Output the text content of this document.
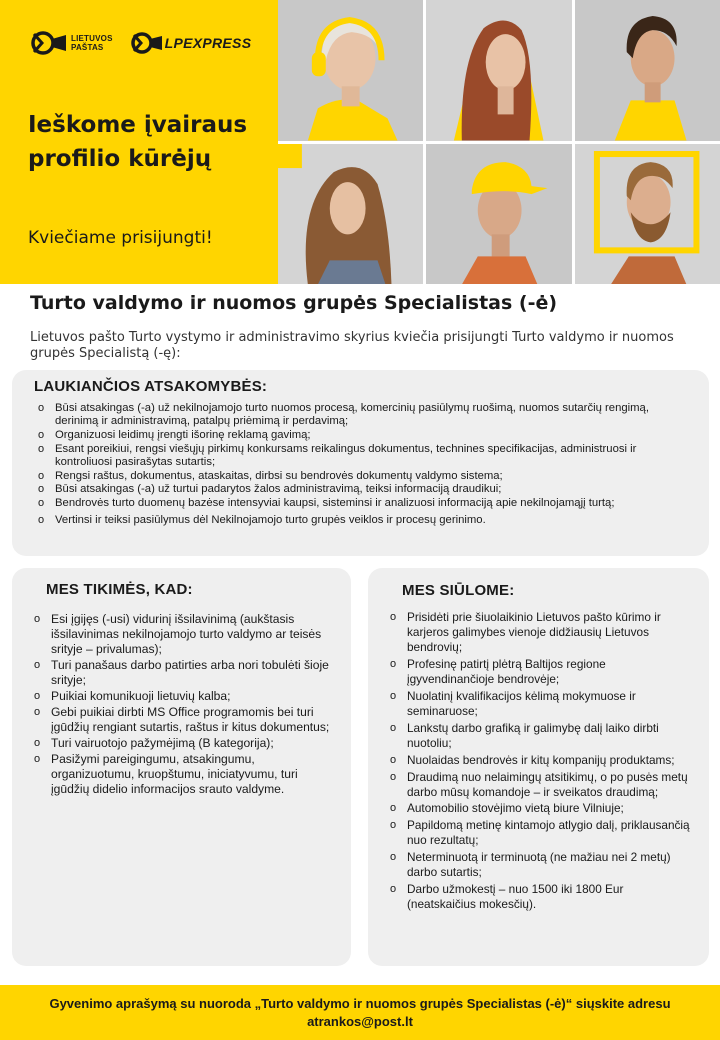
LIETUVOS
PAŠTAS	LPEXPRESS
Ieškome įvairaus
profilio kūrėjų
Kviečiame prisijungti!
Turto valdymo ir nuomos grupės Specialistas (-ė)

Lietuvos pašto Turto vystymo ir administravimo skyrius kviečia prisijungti Turto valdymo ir nuomos grupės Specialistą (-ę):

LAUKIANČIOS ATSAKOMYBĖS:
o Būsi atsakingas (-a) už nekilnojamojo turto nuomos procesą, komercinių pasiūlymų ruošimą, nuomos sutarčių rengimą, derinimą ir administravimą, patalpų priėmimą ir perdavimą;
o Organizuosi leidimų įrengti išorinę reklamą gavimą;
o Esant poreikiui, rengsi viešųjų pirkimų konkursams reikalingus dokumentus, technines specifikacijas, administruosi ir kontroliuosi pasirašytas sutartis;
o Rengsi raštus, dokumentus, ataskaitas, dirbsi su bendrovės dokumentų valdymo sistema;
o Būsi atsakingas (-a) už turtui padarytos žalos administravimą, teiksi informaciją draudikui;
o Bendrovės turto duomenų bazėse intensyviai kaupsi, sisteminsi ir analizuosi informaciją apie nekilnojamąjį turtą;
o Vertinsi ir teiksi pasiūlymus dėl Nekilnojamojo turto grupės veiklos ir procesų gerinimo.
MES TIKIMĖS, KAD:
o Esi įgijęs (-usi) vidurinį išsilavinimą (aukštasis išsilavinimas nekilnojamojo turto valdymo ar teisės srityje – privalumas);
o Turi panašaus darbo patirties arba nori tobulėti šioje srityje;
o Puikiai komunikuoji lietuvių kalba;
o Gebi puikiai dirbti MS Office programomis bei turi įgūdžių rengiant sutartis, raštus ir kitus dokumentus;
o Turi vairuotojo pažymėjimą (B kategorija);
o Pasižymi pareigingumu, atsakingumu, organizuotumu, kruopštumu, iniciatyvumu, turi įgūdžių didelio informacijos srauto valdyme.
MES SIŪLOME:
o Prisidėti prie šiuolaikinio Lietuvos pašto kūrimo ir karjeros galimybes vienoje didžiausių Lietuvos bendrovių;
o Profesinę patirtį plėtrą Baltijos regione įgyvendinančioje bendrovėje;
o Nuolatinį kvalifikacijos kėlimą mokymuose ir seminaruose;
o Lankstų darbo grafiką ir galimybę dalį laiko dirbti nuotoliu;
o Nuolaidas bendrovės ir kitų kompanijų produktams;
o Draudimą nuo nelaimingų atsitikimų, o po pusės metų darbo mūsų komandoje – ir sveikatos draudimą;
o Automobilio stovėjimo vietą biure Vilniuje;
o Papildomą metinę kintamojo atlygio dalį, priklausančią nuo rezultatų;
o Neterminuotą ir terminuotą (ne mažiau nei 2 metų) darbo sutartis;
o Darbo užmokestį – nuo 1500 iki 1800 Eur (neatskaičius mokesčių).
Gyvenimo aprašymą su nuoroda „Turto valdymo ir nuomos grupės Specialistas (-ė)“ siųskite adresu
atrankos@post.lt
